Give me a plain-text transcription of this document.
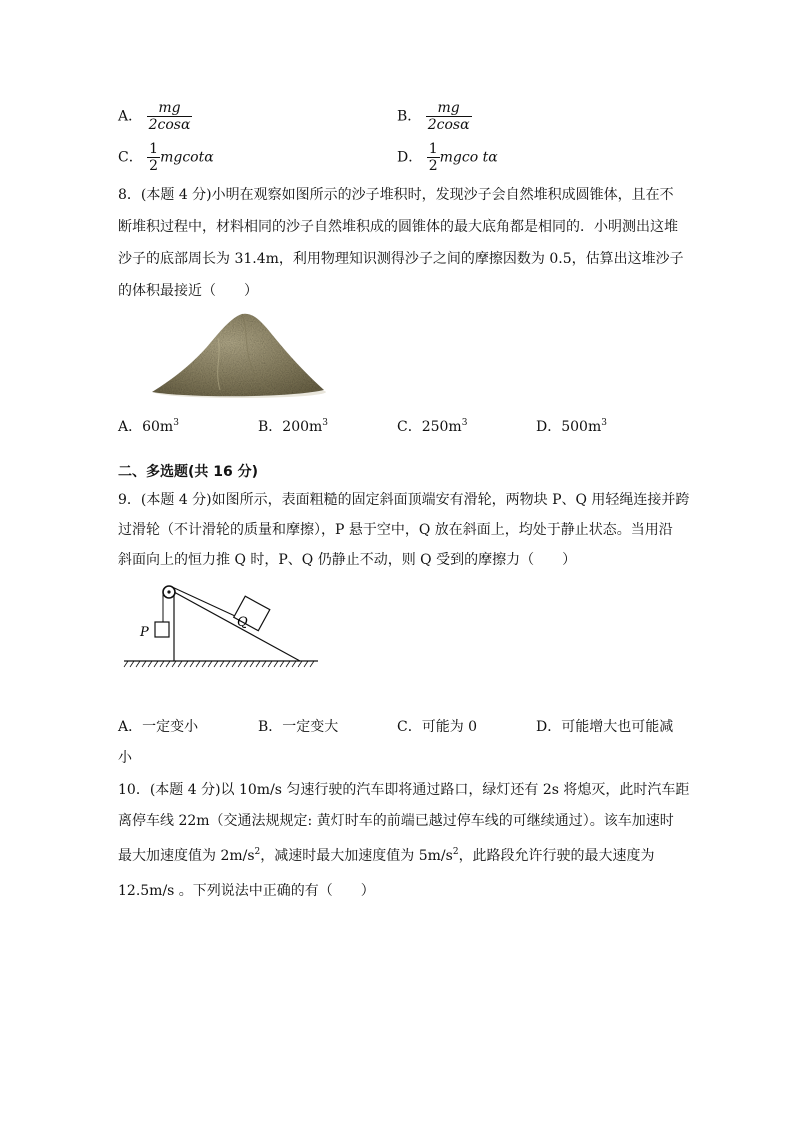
A． $\frac{mg}{2\cos\alpha}$	B． $\frac{mg}{2\cos\alpha}$
C． $\frac{1}{2}$ mgcotα	D． $\frac{1}{2}$ mgco tα
8．(本题 4 分)小明在观察如图所示的沙子堆积时，发现沙子会自然堆积成圆锥体，且在不
断堆积过程中，材料相同的沙子自然堆积成的圆锥体的最大底角都是相同的．小明测出这堆
沙子的底部周长为 31.4m，利用物理知识测得沙子之间的摩擦因数为 0.5，估算出这堆沙子
的体积最接近（　　）
A．$60m^3$	B．$200m^3$	C．$250m^3$	D．$500m^3$
二、多选题(共 16 分)
9．(本题 4 分)如图所示，表面粗糙的固定斜面顶端安有滑轮，两物块 P、Q 用轻绳连接并跨
过滑轮（不计滑轮的质量和摩擦），P 悬于空中，Q 放在斜面上，均处于静止状态。当用沿
斜面向上的恒力推 Q 时，P、Q 仍静止不动，则 Q 受到的摩擦力（　　）
P
Q
A．一定变小	B．一定变大	C．可能为 0	D．可能增大也可能减
小
10．(本题 4 分)以 10m/s 匀速行驶的汽车即将通过路口，绿灯还有 2s 将熄灭，此时汽车距
离停车线 22m（交通法规规定: 黄灯时车的前端已越过停车线的可继续通过）。该车加速时
最大加速度值为 $2m/s^2$，减速时最大加速度值为 $5m/s^2$，此路段允许行驶的最大速度为
12.5m/s 。下列说法中正确的有（　　）
